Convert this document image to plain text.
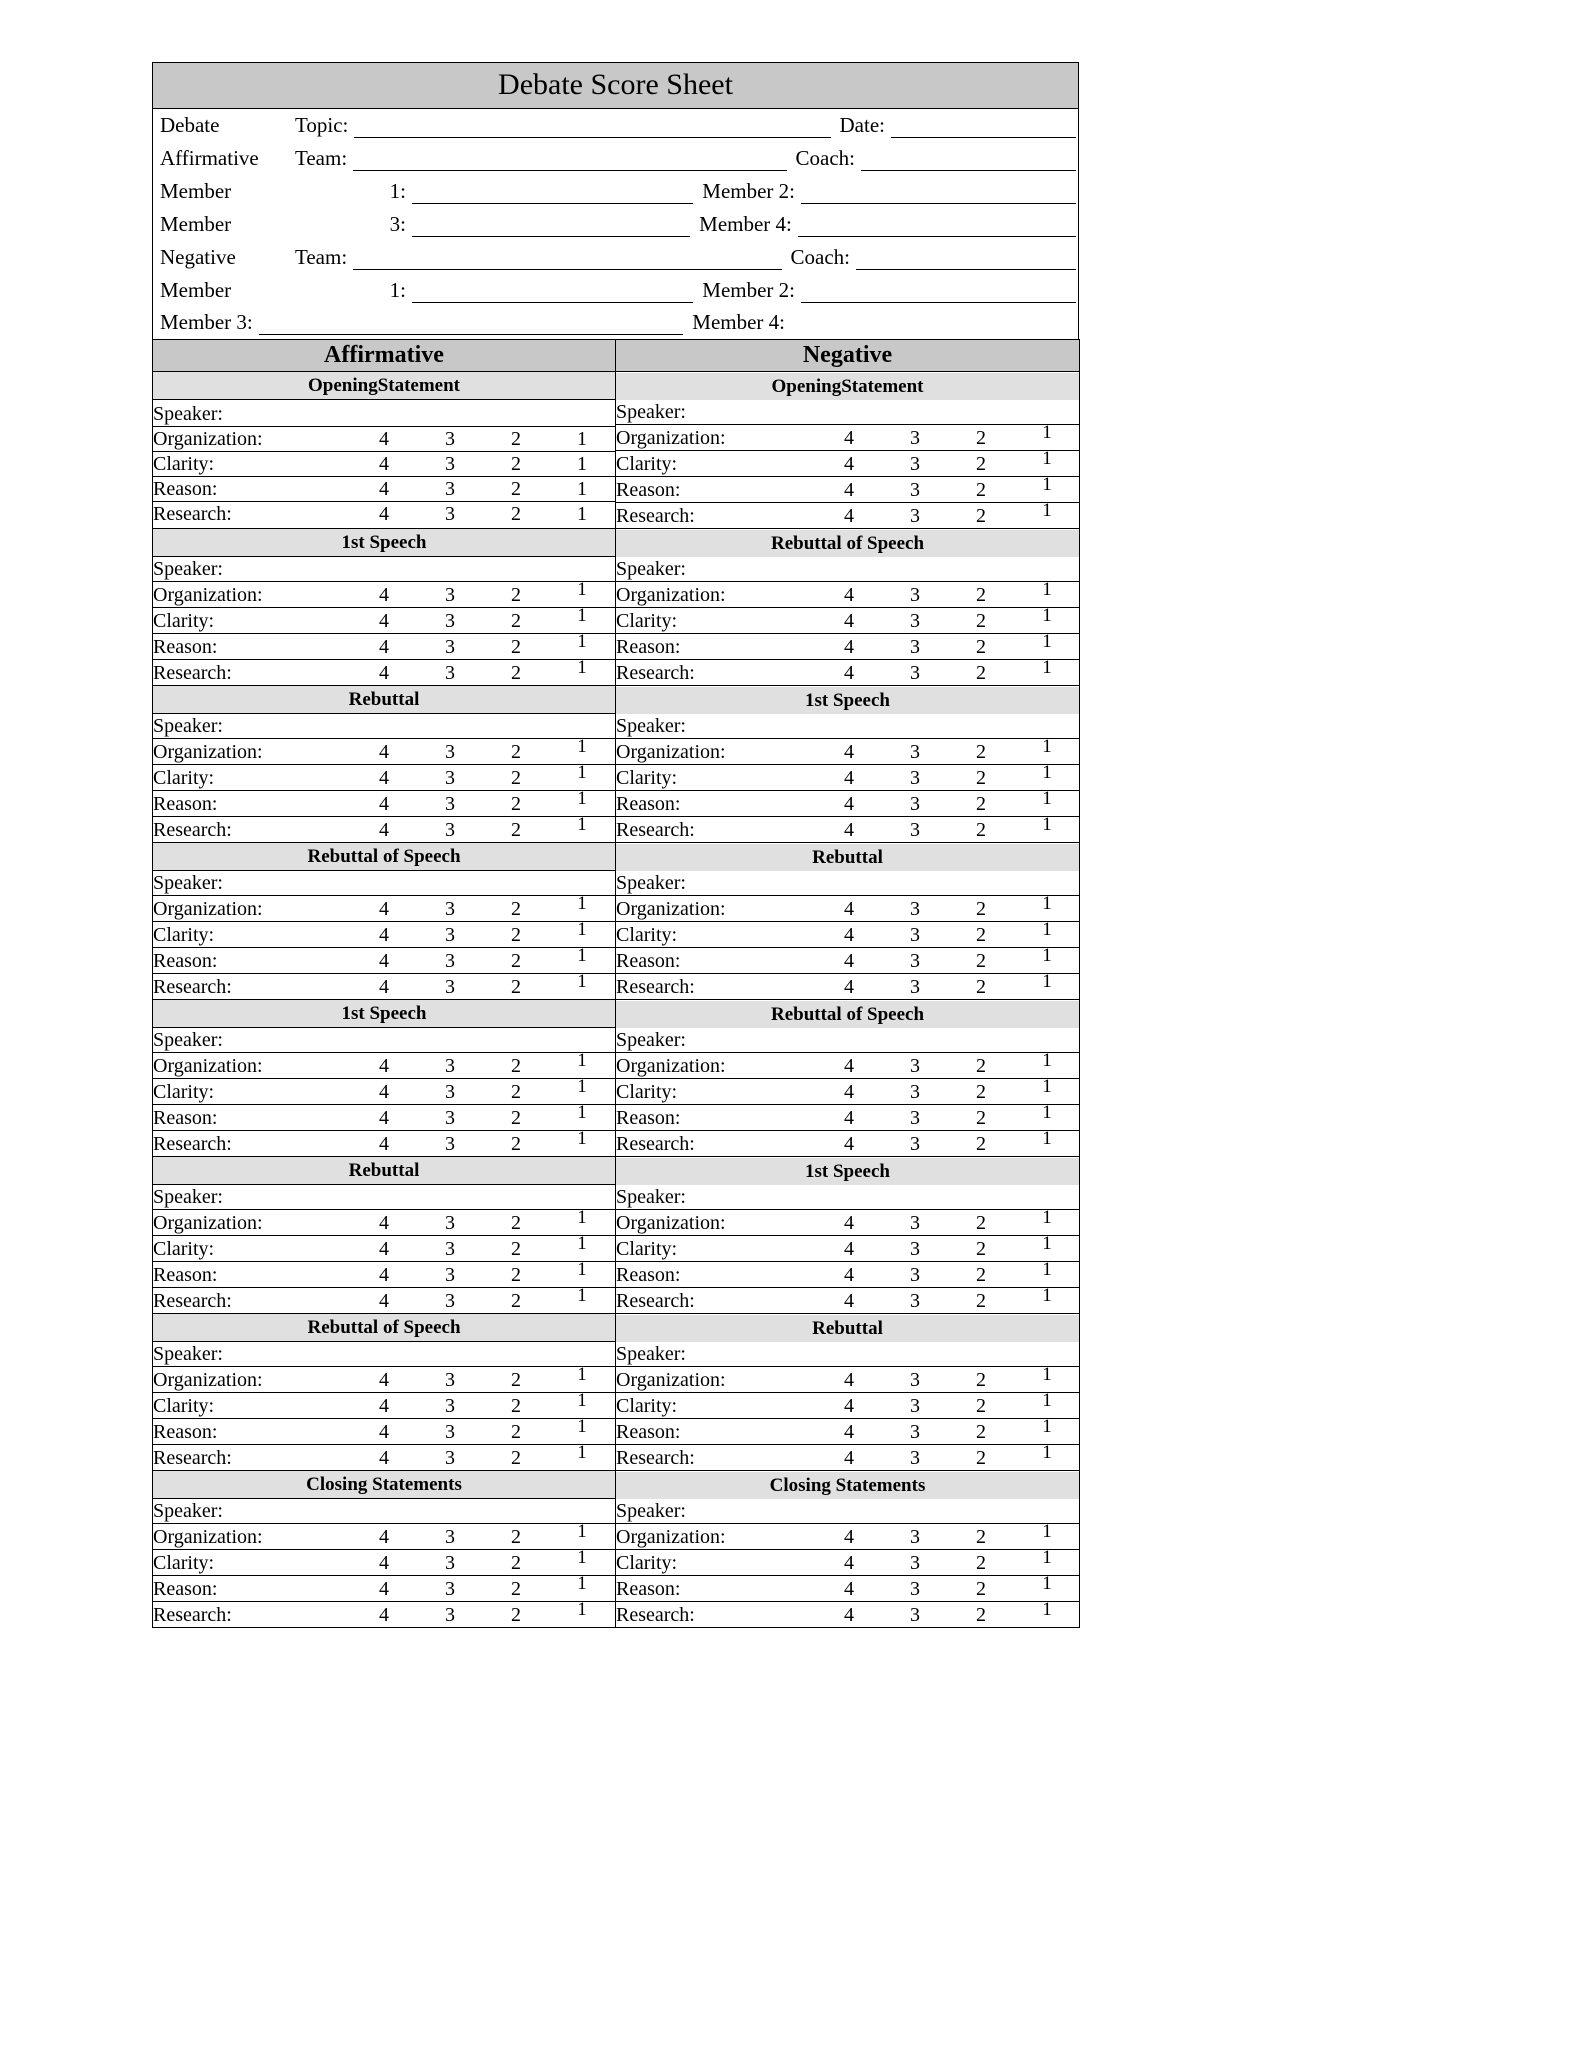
Debate Score Sheet
Debate	Topic:	Date:
Affirmative	Team:	Coach:
Member	1:	Member 2:
Member	3:	Member 4:
Negative	Team:	Coach:
Member	1:	Member 2:
Member 3:	Member 4:
Affirmative	Negative
OpeningStatement	OpeningStatement

Speaker:
Organization:	4	3	2	1
Clarity:	4	3	2	1
Reason:	4	3	2	1
Research:	4	3	2	1

Speaker:
Organization:	4	3	2	1
Clarity:	4	3	2	1
Reason:	4	3	2	1
Research:	4	3	2	1

1st Speech	Rebuttal of Speech

Speaker:
Organization:	4	3	2	1
Clarity:	4	3	2	1
Reason:	4	3	2	1
Research:	4	3	2	1

Speaker:
Organization:	4	3	2	1
Clarity:	4	3	2	1
Reason:	4	3	2	1
Research:	4	3	2	1

Rebuttal	1st Speech

Speaker:
Organization:	4	3	2	1
Clarity:	4	3	2	1
Reason:	4	3	2	1
Research:	4	3	2	1

Speaker:
Organization:	4	3	2	1
Clarity:	4	3	2	1
Reason:	4	3	2	1
Research:	4	3	2	1

Rebuttal of Speech	Rebuttal

Speaker:
Organization:	4	3	2	1
Clarity:	4	3	2	1
Reason:	4	3	2	1
Research:	4	3	2	1

Speaker:
Organization:	4	3	2	1
Clarity:	4	3	2	1
Reason:	4	3	2	1
Research:	4	3	2	1

1st Speech	Rebuttal of Speech

Speaker:
Organization:	4	3	2	1
Clarity:	4	3	2	1
Reason:	4	3	2	1
Research:	4	3	2	1

Speaker:
Organization:	4	3	2	1
Clarity:	4	3	2	1
Reason:	4	3	2	1
Research:	4	3	2	1

Rebuttal	1st Speech

Speaker:
Organization:	4	3	2	1
Clarity:	4	3	2	1
Reason:	4	3	2	1
Research:	4	3	2	1

Speaker:
Organization:	4	3	2	1
Clarity:	4	3	2	1
Reason:	4	3	2	1
Research:	4	3	2	1

Rebuttal of Speech	Rebuttal

Speaker:
Organization:	4	3	2	1
Clarity:	4	3	2	1
Reason:	4	3	2	1
Research:	4	3	2	1

Speaker:
Organization:	4	3	2	1
Clarity:	4	3	2	1
Reason:	4	3	2	1
Research:	4	3	2	1

Closing Statements	Closing Statements

Speaker:
Organization:	4	3	2	1
Clarity:	4	3	2	1
Reason:	4	3	2	1
Research:	4	3	2	1

Speaker:
Organization:	4	3	2	1
Clarity:	4	3	2	1
Reason:	4	3	2	1
Research:	4	3	2	1
